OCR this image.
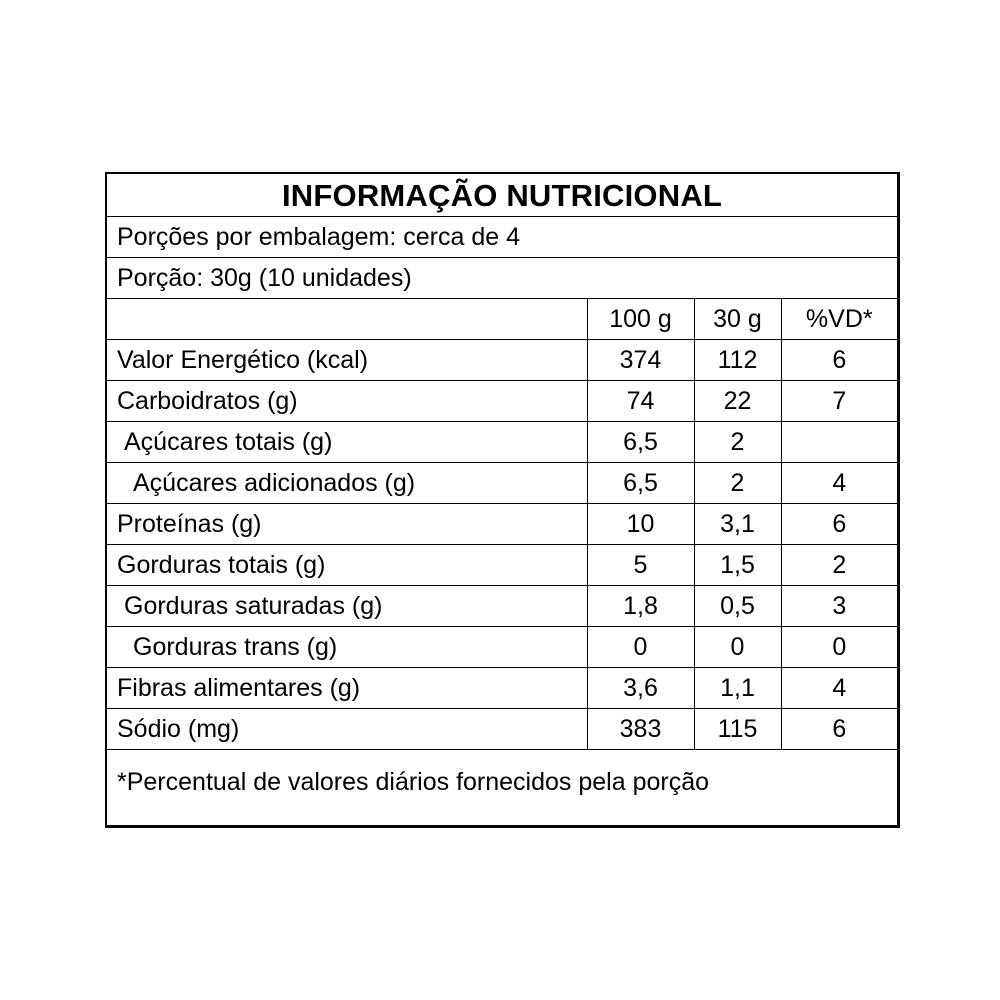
INFORMAÇÃO NUTRICIONAL			
Porções por embalagem: cerca de 4			
Porção: 30g (10 unidades)			
	100 g	30 g	%VD*
Valor Energético (kcal)	374	112	6
Carboidratos (g)	74	22	7
Açúcares totais (g)	6,5	2	
Açúcares adicionados (g)	6,5	2	4
Proteínas (g)	10	3,1	6
Gorduras totais (g)	5	1,5	2
Gorduras saturadas (g)	1,8	0,5	3
Gorduras trans (g)	0	0	0
Fibras alimentares (g)	3,6	1,1	4
Sódio (mg)	383	115	6
*Percentual de valores diários fornecidos pela porção
